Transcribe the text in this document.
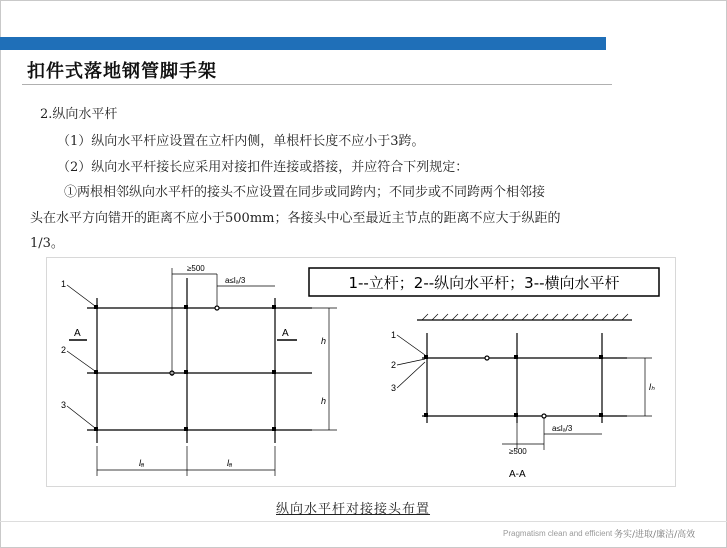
扣件式落地钢管脚手架
2.纵向水平杆
（1）纵向水平杆应设置在立杆内侧，单根杆长度不应小于3跨。
（2）纵向水平杆接长应采用对接扣件连接或搭接，并应符合下列规定：
①两根相邻纵向水平杆的接头不应设置在同步或同跨内；不同步或不同跨两个相邻接
头在水平方向错开的距离不应小于500mm；各接头中心至最近主节点的距离不应大于纵距的
1/3。
1--立杆；2--纵向水平杆；3--横向水平杆
≥500
a≤lₐ/3
1
2
3
A	A
h
h
lₐ	lₐ
1
2
3	lₕ
a≤lₐ/3
≥500
A-A
纵向水平杆对接接头布置
Pragmatism clean and efficient 务实/进取/廉洁/高效
